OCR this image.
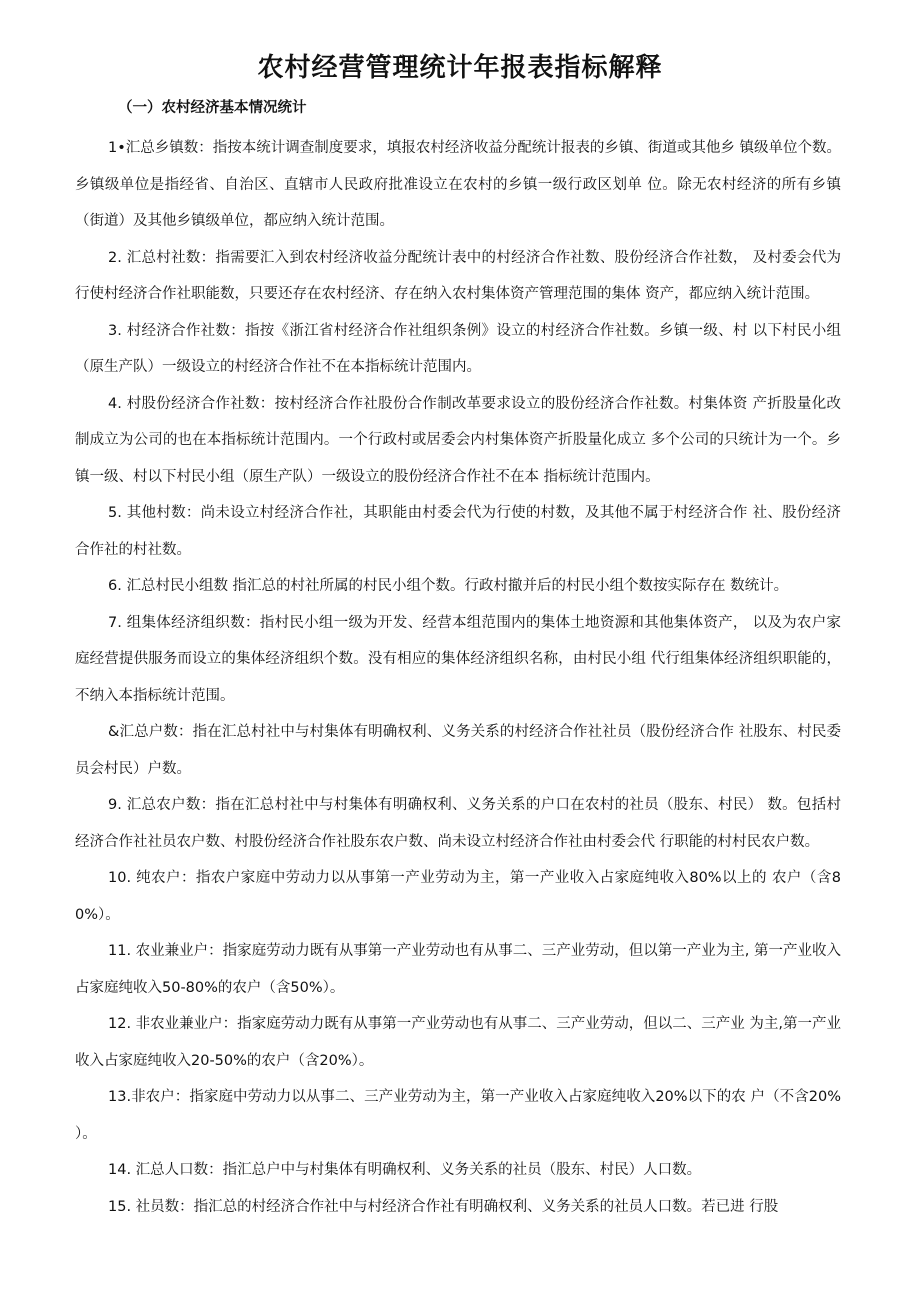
农村经营管理统计年报表指标解释
（一）农村经济基本情况统计

1•汇总乡镇数：指按本统计调查制度要求，填报农村经济收益分配统计报表的乡镇、街道或其他乡 镇级单位个数。乡镇级单位是指经省、自治区、直辖市人民政府批准设立在农村的乡镇一级行政区划单 位。除无农村经济的所有乡镇（街道）及其他乡镇级单位，都应纳入统计范围。

2. 汇总村社数：指需要汇入到农村经济收益分配统计表中的村经济合作社数、股份经济合作社数， 及村委会代为行使村经济合作社职能数，只要还存在农村经济、存在纳入农村集体资产管理范围的集体 资产，都应纳入统计范围。

3. 村经济合作社数：指按《浙江省村经济合作社组织条例》设立的村经济合作社数。乡镇一级、村 以下村民小组（原生产队）一级设立的村经济合作社不在本指标统计范围内。

4. 村股份经济合作社数：按村经济合作社股份合作制改革要求设立的股份经济合作社数。村集体资 产折股量化改制成立为公司的也在本指标统计范围内。一个行政村或居委会内村集体资产折股量化成立 多个公司的只统计为一个。乡镇一级、村以下村民小组（原生产队）一级设立的股份经济合作社不在本 指标统计范围内。

5. 其他村数：尚未设立村经济合作社，其职能由村委会代为行使的村数，及其他不属于村经济合作 社、股份经济合作社的村社数。

6. 汇总村民小组数 指汇总的村社所属的村民小组个数。行政村撤并后的村民小组个数按实际存在 数统计。

7. 组集体经济组织数：指村民小组一级为开发、经营本组范围内的集体土地资源和其他集体资产， 以及为农户家庭经营提供服务而设立的集体经济组织个数。没有相应的集体经济组织名称，由村民小组 代行组集体经济组织职能的，不纳入本指标统计范围。

&汇总户数：指在汇总村社中与村集体有明确权利、义务关系的村经济合作社社员（股份经济合作 社股东、村民委员会村民）户数。

9. 汇总农户数：指在汇总村社中与村集体有明确权利、义务关系的户口在农村的社员（股东、村民） 数。包括村经济合作社社员农户数、村股份经济合作社股东农户数、尚未设立村经济合作社由村委会代 行职能的村村民农户数。

10. 纯农户：指农户家庭中劳动力以从事第一产业劳动为主，第一产业收入占家庭纯收入80%以上的 农户（含80%）。

11. 农业兼业户：指家庭劳动力既有从事第一产业劳动也有从事二、三产业劳动，但以第一产业为主, 第一产业收入占家庭纯收入50-80%的农户（含50%）。

12. 非农业兼业户：指家庭劳动力既有从事第一产业劳动也有从事二、三产业劳动，但以二、三产业 为主,第一产业收入占家庭纯收入20-50%的农户（含20%）。

13.非农户：指家庭中劳动力以从事二、三产业劳动为主，第一产业收入占家庭纯收入20%以下的农 户（不含20% ）。

14. 汇总人口数：指汇总户中与村集体有明确权利、义务关系的社员（股东、村民）人口数。

15. 社员数：指汇总的村经济合作社中与村经济合作社有明确权利、义务关系的社员人口数。若已进 行股
